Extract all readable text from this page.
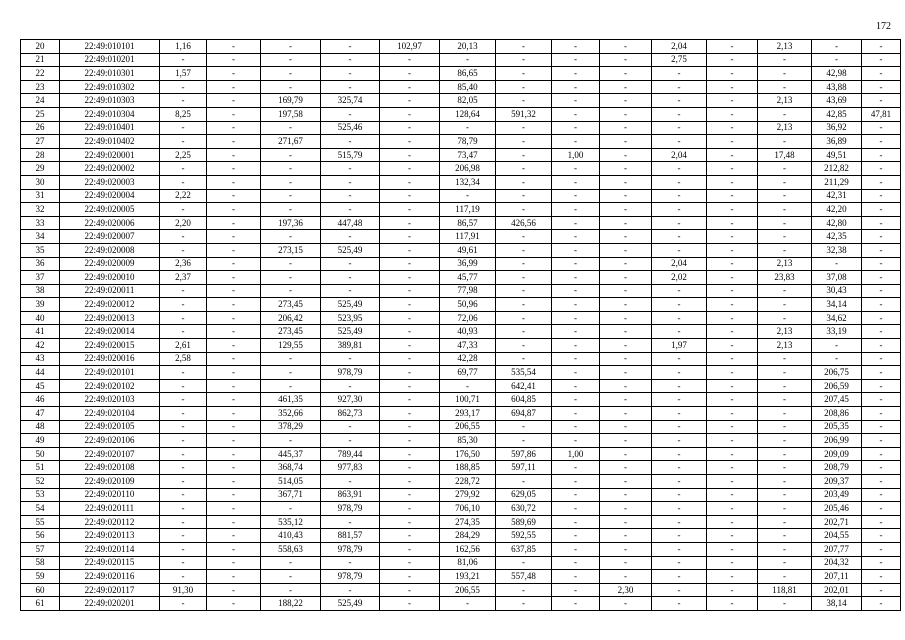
172
20	22:49:010101	1,16	-	-	-	102,97	20,13	-	-	-	2,04	-	2,13	-	-
21	22:49:010201	-	-	-	-	-	-	-	-	-	2,75	-	-	-	-
22	22:49:010301	1,57	-	-	-	-	86,65	-	-	-	-	-	-	42,98	-
23	22:49:010302	-	-	-	-	-	85,40	-	-	-	-	-	-	43,88	-
24	22:49:010303	-	-	169,79	325,74	-	82,05	-	-	-	-	-	2,13	43,69	-
25	22:49:010304	8,25	-	197,58	-	-	128,64	591,32	-	-	-	-	-	42,85	47,81
26	22:49:010401	-	-	-	525,46	-	-	-	-	-	-	-	2,13	36,92	-
27	22:49:010402	-	-	271,67	-	-	78,79	-	-	-	-	-	-	36,89	-
28	22:49:020001	2,25	-	-	515,79	-	73,47	-	1,00	-	2,04	-	17,48	49,51	-
29	22:49:020002	-	-	-	-	-	206,98	-	-	-	-	-	-	212,82	-
30	22:49:020003	-	-	-	-	-	132,34	-	-	-	-	-	-	211,29	-
31	22:49:020004	2,22	-	-	-	-	-	-	-	-	-	-	-	42,31	-
32	22:49:020005	-	-	-	-	-	117,19	-	-	-	-	-	-	42,20	-
33	22:49:020006	2,20	-	197,36	447,48	-	86,57	426,56	-	-	-	-	-	42,80	-
34	22:49:020007	-	-	-	-	-	117,91	-	-	-	-	-	-	42,35	-
35	22:49:020008	-	-	273,15	525,49	-	49,61	-	-	-	-	-	-	32,38	-
36	22:49:020009	2,36	-	-	-	-	36,99	-	-	-	2,04	-	2,13	-	-
37	22:49:020010	2,37	-	-	-	-	45,77	-	-	-	2,02	-	23,83	37,08	-
38	22:49:020011	-	-	-	-	-	77,98	-	-	-	-	-	-	30,43	-
39	22:49:020012	-	-	273,45	525,49	-	50,96	-	-	-	-	-	-	34,14	-
40	22:49:020013	-	-	206,42	523,95	-	72,06	-	-	-	-	-	-	34,62	-
41	22:49:020014	-	-	273,45	525,49	-	40,93	-	-	-	-	-	2,13	33,19	-
42	22:49:020015	2,61	-	129,55	389,81	-	47,33	-	-	-	1,97	-	2,13	-	-
43	22:49:020016	2,58	-	-	-	-	42,28	-	-	-	-	-	-	-	-
44	22:49:020101	-	-	-	978,79	-	69,77	535,54	-	-	-	-	-	206,75	-
45	22:49:020102	-	-	-	-	-	-	642,41	-	-	-	-	-	206,59	-
46	22:49:020103	-	-	461,35	927,30	-	100,71	604,85	-	-	-	-	-	207,45	-
47	22:49:020104	-	-	352,66	862,73	-	293,17	694,87	-	-	-	-	-	208,86	-
48	22:49:020105	-	-	378,29	-	-	206,55	-	-	-	-	-	-	205,35	-
49	22:49:020106	-	-	-	-	-	85,30	-	-	-	-	-	-	206,99	-
50	22:49:020107	-	-	445,37	789,44	-	176,50	597,86	1,00	-	-	-	-	209,09	-
51	22:49:020108	-	-	368,74	977,83	-	188,85	597,11	-	-	-	-	-	208,79	-
52	22:49:020109	-	-	514,05	-	-	228,72	-	-	-	-	-	-	209,37	-
53	22:49:020110	-	-	367,71	863,91	-	279,92	629,05	-	-	-	-	-	203,49	-
54	22:49:020111	-	-	-	978,79	-	706,10	630,72	-	-	-	-	-	205,46	-
55	22:49:020112	-	-	535,12	-	-	274,35	589,69	-	-	-	-	-	202,71	-
56	22:49:020113	-	-	410,43	881,57	-	284,29	592,55	-	-	-	-	-	204,55	-
57	22:49:020114	-	-	558,63	978,79	-	162,56	637,85	-	-	-	-	-	207,77	-
58	22:49:020115	-	-	-	-	-	81,06	-	-	-	-	-	-	204,32	-
59	22:49:020116	-	-	-	978,79	-	193,21	557,48	-	-	-	-	-	207,11	-
60	22:49:020117	91,30	-	-	-	-	206,55	-	-	2,30	-	-	118,81	202,01	-
61	22:49:020201	-	-	188,22	525,49	-	-	-	-	-	-	-	-	38,14	-
